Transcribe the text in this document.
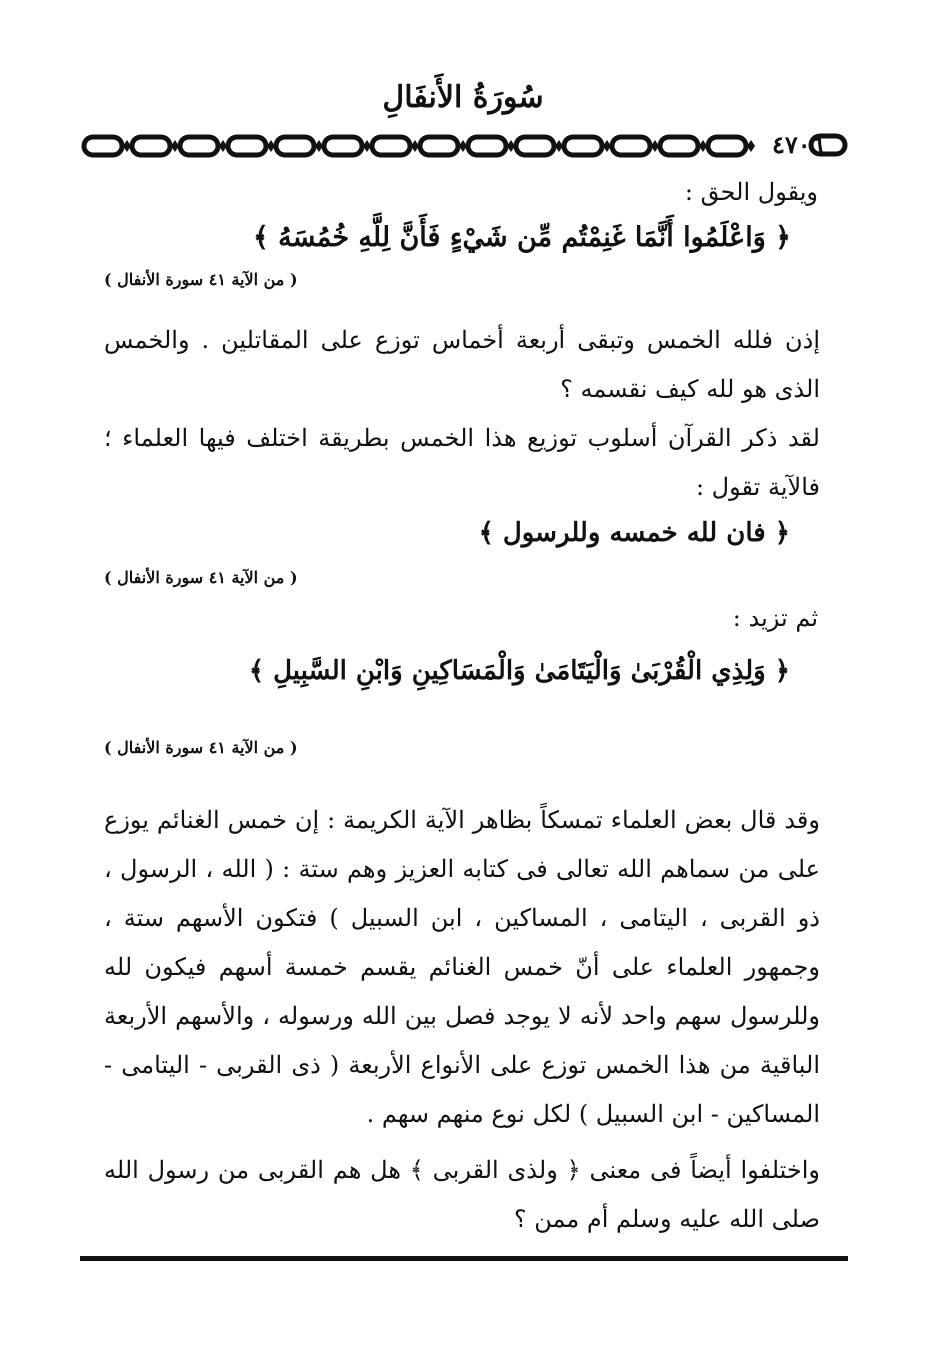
سُورَةُ الأَنفَالِ
٤٧٠٦
ويقول الحق :
﴿ وَاعْلَمُوا أَنَّمَا غَنِمْتُم مِّن شَيْءٍ فَأَنَّ لِلَّهِ خُمُسَهُ ﴾
( من الآية ٤١ سورة الأنفال )
إذن فلله الخمس وتبقى أربعة أخماس توزع على المقاتلين . والخمس الذى هو لله كيف نقسمه ؟
لقد ذكر القرآن أسلوب توزيع هذا الخمس بطريقة اختلف فيها العلماء ؛ فالآية تقول :
﴿ فان لله خمسه وللرسول ﴾
( من الآية ٤١ سورة الأنفال )
ثم تزيد :
﴿ وَلِذِي الْقُرْبَىٰ وَالْيَتَامَىٰ وَالْمَسَاكِينِ وَابْنِ السَّبِيلِ ﴾
( من الآية ٤١ سورة الأنفال )
وقد قال بعض العلماء تمسكاً بظاهر الآية الكريمة : إن خمس الغنائم يوزع على من سماهم الله تعالى فى كتابه العزيز وهم ستة : ( الله ، الرسول ، ذو القربى ، اليتامى ، المساكين ، ابن السبيل ) فتكون الأسهم ستة ، وجمهور العلماء على أنّ خمس الغنائم يقسم خمسة أسهم فيكون لله وللرسول سهم واحد لأنه لا يوجد فصل بين الله ورسوله ، والأسهم الأربعة الباقية من هذا الخمس توزع على الأنواع الأربعة ( ذى القربى - اليتامى - المساكين - ابن السبيل ) لكل نوع منهم سهم .
واختلفوا أيضاً فى معنى ﴿ ولذى القربى ﴾ هل هم القربى من رسول الله صلى الله عليه وسلم أم ممن ؟
